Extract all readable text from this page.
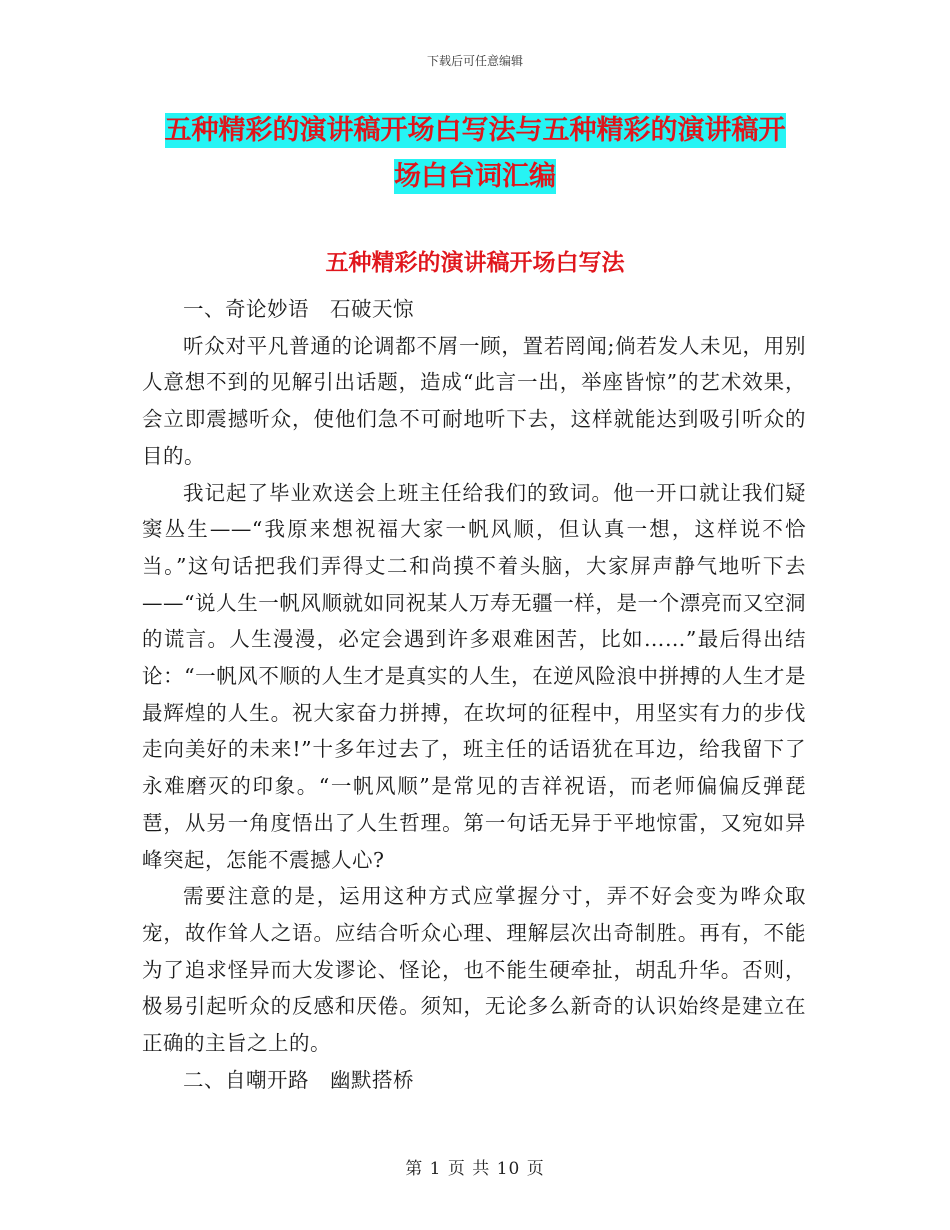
下载后可任意编辑
五种精彩的演讲稿开场白写法与五种精彩的演讲稿开
场白台词汇编
五种精彩的演讲稿开场白写法

一、奇论妙语　石破天惊

听众对平凡普通的论调都不屑一顾，置若罔闻;倘若发人未见，用别人意想不到的见解引出话题，造成“此言一出，举座皆惊”的艺术效果，会立即震撼听众，使他们急不可耐地听下去，这样就能达到吸引听众的目的。

我记起了毕业欢送会上班主任给我们的致词。他一开口就让我们疑窦丛生——“我原来想祝福大家一帆风顺，但认真一想，这样说不恰当。”这句话把我们弄得丈二和尚摸不着头脑，大家屏声静气地听下去——“说人生一帆风顺就如同祝某人万寿无疆一样，是一个漂亮而又空洞的谎言。人生漫漫，必定会遇到许多艰难困苦，比如……”最后得出结论：“一帆风不顺的人生才是真实的人生，在逆风险浪中拼搏的人生才是最辉煌的人生。祝大家奋力拼搏，在坎坷的征程中，用坚实有力的步伐走向美好的未来!”十多年过去了，班主任的话语犹在耳边，给我留下了永难磨灭的印象。“一帆风顺”是常见的吉祥祝语，而老师偏偏反弹琵琶，从另一角度悟出了人生哲理。第一句话无异于平地惊雷，又宛如异峰突起，怎能不震撼人心?

需要注意的是，运用这种方式应掌握分寸，弄不好会变为哗众取宠，故作耸人之语。应结合听众心理、理解层次出奇制胜。再有，不能为了追求怪异而大发谬论、怪论，也不能生硬牵扯，胡乱升华。否则，极易引起听众的反感和厌倦。须知，无论多么新奇的认识始终是建立在正确的主旨之上的。

二、自嘲开路　幽默搭桥

第 1 页 共 10 页
